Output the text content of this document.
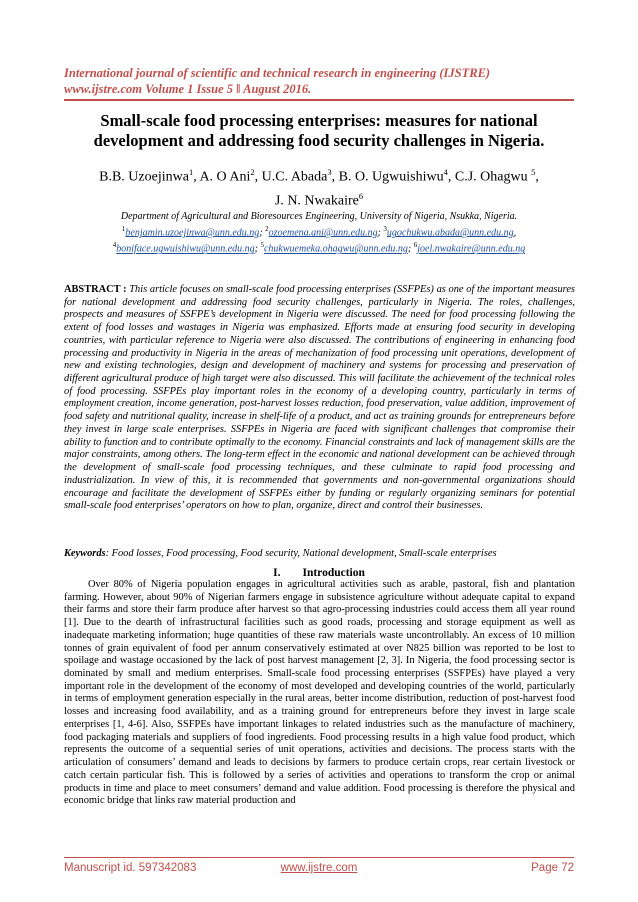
International journal of scientific and technical research in engineering (IJSTRE)
www.ijstre.com Volume 1 Issue 5 ǁ August 2016.
Small-scale food processing enterprises: measures for national development and addressing food security challenges in Nigeria.
B.B. Uzoejinwa$^1$, A. O Ani$^2$, U.C. Abada$^3$, B. O. Ugwuishiwu$^4$, C.J. Ohagwu $^5$,
J. N. Nwakaire$^6$
Department of Agricultural and Bioresources Engineering, University of Nigeria, Nsukka, Nigeria.
$^1$benjamin.uzoejinwa@unn.edu.ng; $^2$ozoemena.ani@unn.edu.ng; $^3$ugochukwu.abada@unn.edu.ng,
$^4$boniface.ugwuishiwu@unn.edu.ng; $^5$chukwuemeka.ohagwu@unn.edu.ng; $^6$joel.nwakaire@unn.edu.ng
ABSTRACT : This article focuses on small-scale food processing enterprises (SSFPEs) as one of the important measures for national development and addressing food security challenges, particularly in Nigeria. The roles, challenges, prospects and measures of SSFPE’s development in Nigeria were discussed. The need for food processing following the extent of food losses and wastages in Nigeria was emphasized. Efforts made at ensuring food security in developing countries, with particular reference to Nigeria were also discussed. The contributions of engineering in enhancing food processing and productivity in Nigeria in the areas of mechanization of food processing unit operations, development of new and existing technologies, design and development of machinery and systems for processing and preservation of different agricultural produce of high target were also discussed. This will facilitate the achievement of the technical roles of food processing. SSFPEs play important roles in the economy of a developing country, particularly in terms of employment creation, income generation, post-harvest losses reduction, food preservation, value addition, improvement of food safety and nutritional quality, increase in shelf-life of a product, and act as training grounds for entrepreneurs before they invest in large scale enterprises. SSFPEs in Nigeria are faced with significant challenges that compromise their ability to function and to contribute optimally to the economy. Financial constraints and lack of management skills are the major constraints, among others. The long-term effect in the economic and national development can be achieved through the development of small-scale food processing techniques, and these culminate to rapid food processing and industrialization. In view of this, it is recommended that governments and non-governmental organizations should encourage and facilitate the development of SSFPEs either by funding or regularly organizing seminars for potential small-scale food enterprises’ operators on how to plan, organize, direct and control their businesses.
Keywords: Food losses, Food processing, Food security, National development, Small-scale enterprises
I. Introduction
Over 80% of Nigeria population engages in agricultural activities such as arable, pastoral, fish and plantation farming. However, about 90% of Nigerian farmers engage in subsistence agriculture without adequate capital to expand their farms and store their farm produce after harvest so that agro-processing industries could access them all year round [1]. Due to the dearth of infrastructural facilities such as good roads, processing and storage equipment as well as inadequate marketing information; huge quantities of these raw materials waste uncontrollably. An excess of 10 million tonnes of grain equivalent of food per annum conservatively estimated at over N825 billion was reported to be lost to spoilage and wastage occasioned by the lack of post harvest management [2, 3]. In Nigeria, the food processing sector is dominated by small and medium enterprises. Small-scale food processing enterprises (SSFPEs) have played a very important role in the development of the economy of most developed and developing countries of the world, particularly in terms of employment generation especially in the rural areas, better income distribution, reduction of post-harvest food losses and increasing food availability, and as a training ground for entrepreneurs before they invest in large scale enterprises [1, 4-6]. Also, SSFPEs have important linkages to related industries such as the manufacture of machinery, food packaging materials and suppliers of food ingredients. Food processing results in a high value food product, which represents the outcome of a sequential series of unit operations, activities and decisions. The process starts with the articulation of consumers’ demand and leads to decisions by farmers to produce certain crops, rear certain livestock or catch certain particular fish. This is followed by a series of activities and operations to transform the crop or animal products in time and place to meet consumers’ demand and value addition. Food processing is therefore the physical and economic bridge that links raw material production and
Manuscript id. 597342083	www.ijstre.com	Page 72
